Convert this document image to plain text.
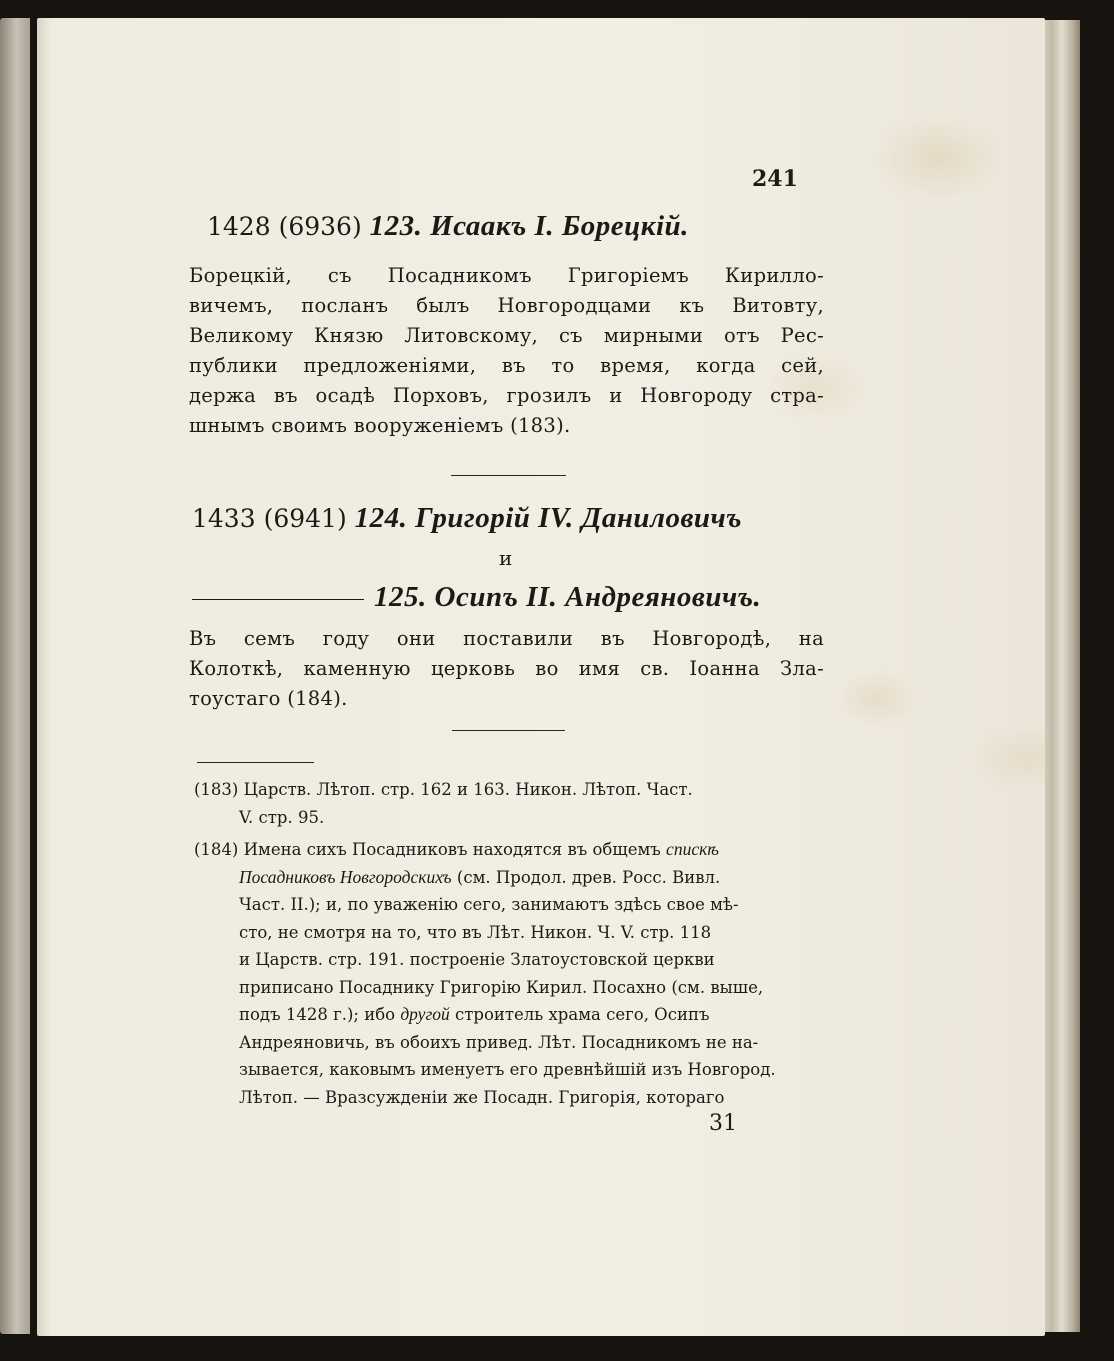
241
1428 (6936) 123. Исаакъ I. Борецкій.
Борецкій, съ Посадникомъ Григоріемъ Кирилло-
вичемъ, посланъ былъ Новгородцами къ Витовту,
Великому Князю Литовскому, съ мирными отъ Рес-
публики предложеніями, въ то время, когда сей,
держа въ осадѣ Порховъ, грозилъ и Новгороду стра-
шнымъ своимъ вооруженіемъ (183).
1433 (6941) 124. Григорій IV. Даниловичъ
и
125. Осипъ II. Андреяновичъ.
Въ семъ году они поставили въ Новгородѣ, на
Колоткѣ, каменную церковь во имя св. Іоанна Зла-
тоустаго (184).
(183) Царств. Лѣтоп. стр. 162 и 163. Никон. Лѣтоп. Част.
V. стр. 95.
(184) Имена сихъ Посадниковъ находятся въ общемъ спискѣ
Посадниковъ Новгородскихъ (см. Продол. древ. Росс. Вивл.
Част. II.); и, по уваженію сего, занимаютъ здѣсь свое мѣ-
сто, не смотря на то, что въ Лѣт. Никон. Ч. V. стр. 118
и Царств. стр. 191. построеніе Златоустовской церкви
приписано Посаднику Григорію Кирил. Посахно (см. выше,
подъ 1428 г.); ибо другой строитель храма сего, Осипъ
Андреяновичь, въ обоихъ привед. Лѣт. Посадникомъ не на-
зывается, каковымъ именуетъ его древнѣйшій изъ Новгород.
Лѣтоп. — Вразсужденіи же Посадн. Григорія, котораго
31
